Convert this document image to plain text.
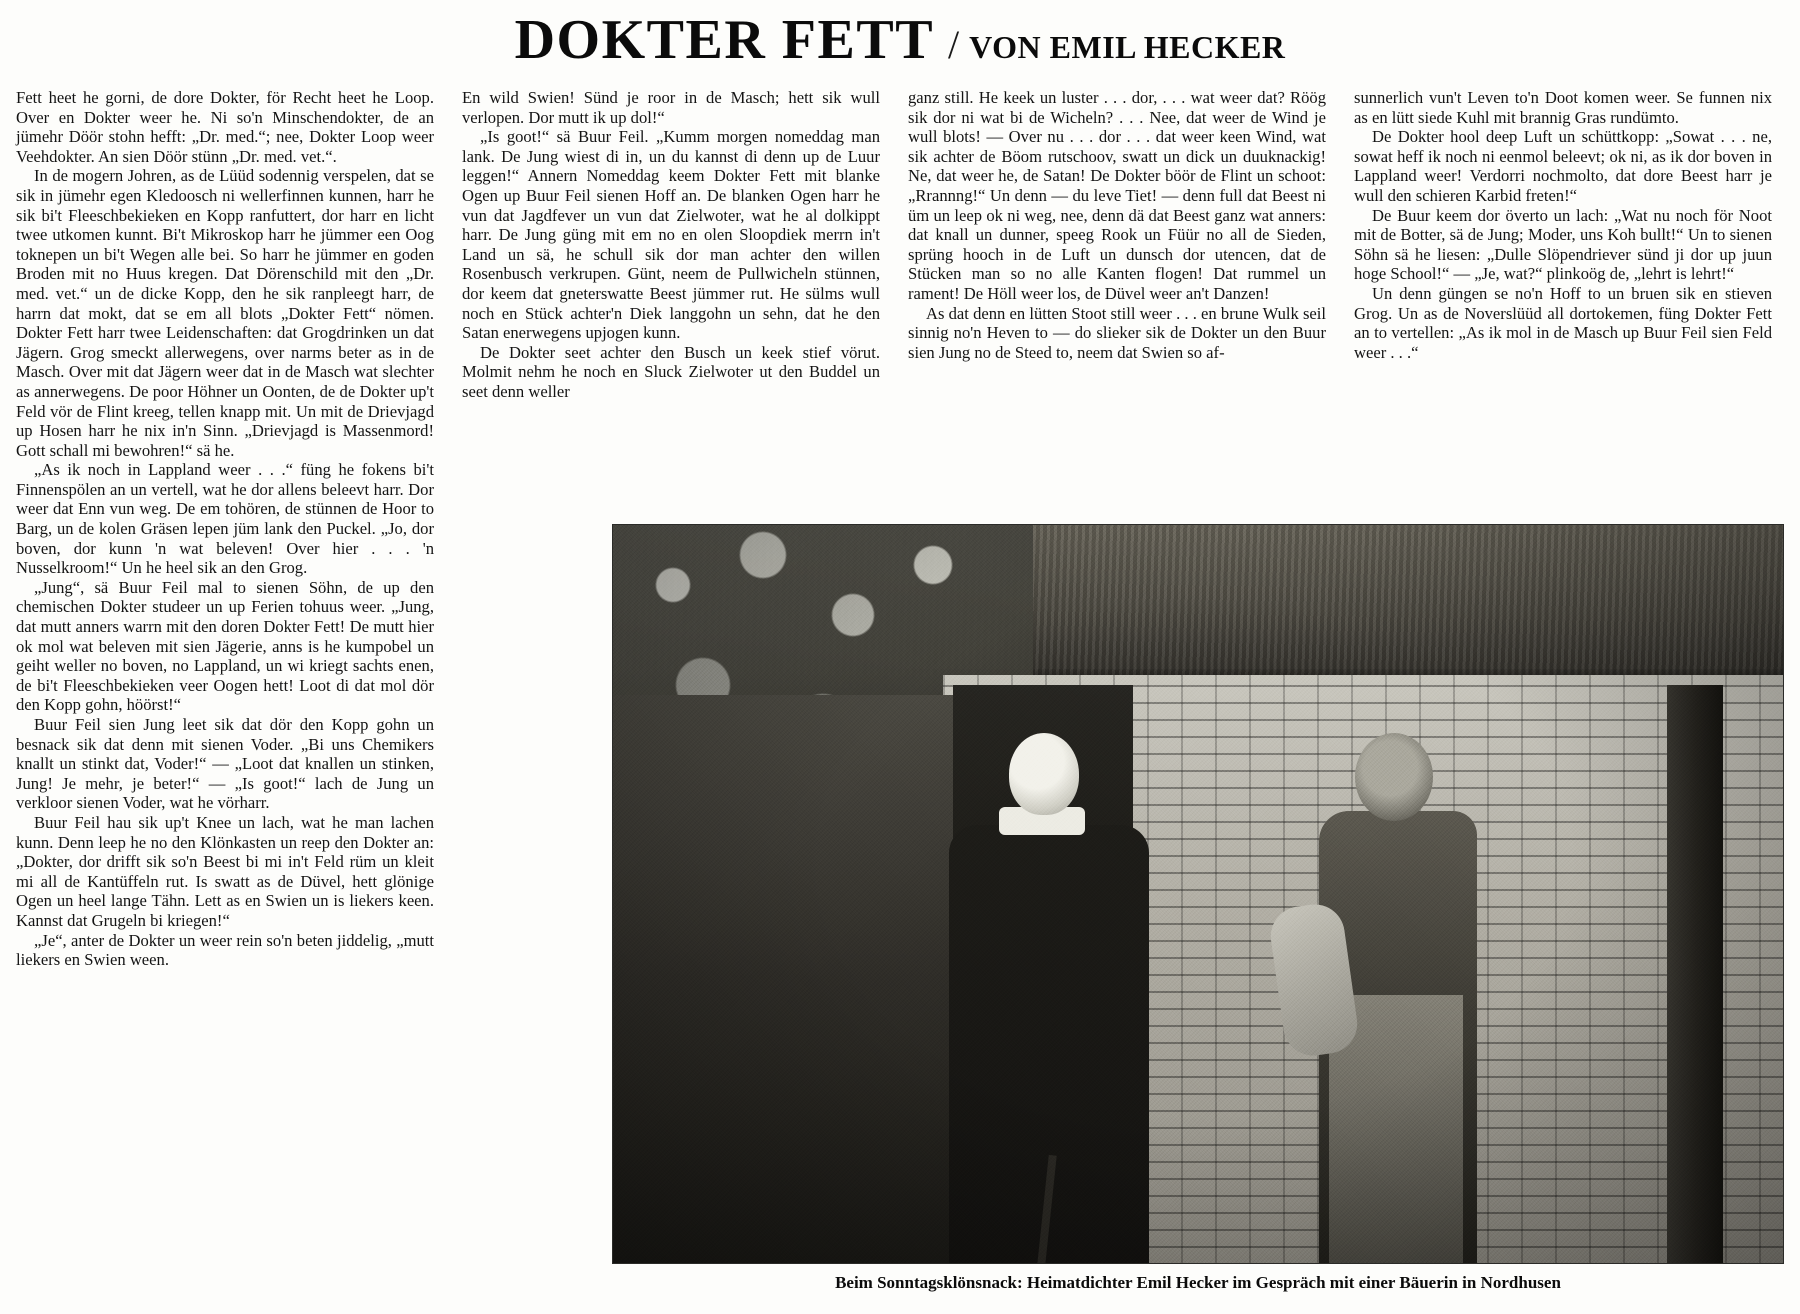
DOKTER FETT / VON EMIL HECKER

Fett heet he gorni, de dore Dokter, för Recht heet he Loop. Over en Dokter weer he. Ni so'n Minschendokter, de an jümehr Döör stohn hefft: „Dr. med.“; nee, Dokter Loop weer Veehdokter. An sien Döör stünn „Dr. med. vet.“.

In de mogern Johren, as de Lüüd sodennig verspelen, dat se sik in jümehr egen Kledoosch ni wellerfinnen kunnen, harr he sik bi't Fleeschbekieken en Kopp ranfuttert, dor harr en licht twee utkomen kunnt. Bi't Mikroskop harr he jümmer een Oog toknepen un bi't Wegen alle bei. So harr he jümmer en goden Broden mit no Huus kregen. Dat Dörenschild mit den „Dr. med. vet.“ un de dicke Kopp, den he sik ranpleegt harr, de harrn dat mokt, dat se em all blots „Dokter Fett“ nömen. Dokter Fett harr twee Leidenschaften: dat Grogdrinken un dat Jägern. Grog smeckt allerwegens, over narms beter as in de Masch. Over mit dat Jägern weer dat in de Masch wat slechter as annerwegens. De poor Höhner un Oonten, de de Dokter up't Feld vör de Flint kreeg, tellen knapp mit. Un mit de Drievjagd up Hosen harr he nix in'n Sinn. „Drievjagd is Massenmord! Gott schall mi bewohren!“ sä he.

„As ik noch in Lappland weer . . .“ füng he fokens bi't Finnenspölen an un vertell, wat he dor allens beleevt harr. Dor weer dat Enn vun weg. De em tohören, de stünnen de Hoor to Barg, un de kolen Gräsen lepen jüm lank den Puckel. „Jo, dor boven, dor kunn 'n wat beleven! Over hier . . . 'n Nusselkroom!“ Un he heel sik an den Grog.

„Jung“, sä Buur Feil mal to sienen Söhn, de up den chemischen Dokter studeer un up Ferien tohuus weer. „Jung, dat mutt anners warrn mit den doren Dokter Fett! De mutt hier ok mol wat beleven mit sien Jägerie, anns is he kumpobel un geiht weller no boven, no Lappland, un wi kriegt sachts enen, de bi't Fleeschbekieken veer Oogen hett! Loot di dat mol dör den Kopp gohn, höörst!“

Buur Feil sien Jung leet sik dat dör den Kopp gohn un besnack sik dat denn mit sienen Voder. „Bi uns Chemikers knallt un stinkt dat, Voder!“ — „Loot dat knallen un stinken, Jung! Je mehr, je beter!“ — „Is goot!“ lach de Jung un verkloor sienen Voder, wat he vörharr.

Buur Feil hau sik up't Knee un lach, wat he man lachen kunn. Denn leep he no den Klönkasten un reep den Dokter an: „Dokter, dor drifft sik so'n Beest bi mi in't Feld rüm un kleit mi all de Kantüffeln rut. Is swatt as de Düvel, hett glönige Ogen un heel lange Tähn. Lett as en Swien un is liekers keen. Kannst dat Grugeln bi kriegen!“

„Je“, anter de Dokter un weer rein so'n beten jiddelig, „mutt liekers en Swien ween.

En wild Swien! Sünd je roor in de Masch; hett sik wull verlopen. Dor mutt ik up dol!“

„Is goot!“ sä Buur Feil. „Kumm morgen nomeddag man lank. De Jung wiest di in, un du kannst di denn up de Luur leggen!“ Annern Nomeddag keem Dokter Fett mit blanke Ogen up Buur Feil sienen Hoff an. De blanken Ogen harr he vun dat Jagdfever un vun dat Zielwoter, wat he al dolkippt harr. De Jung güng mit em no en olen Sloopdiek merrn in't Land un sä, he schull sik dor man achter den willen Rosenbusch verkrupen. Günt, neem de Pullwicheln stünnen, dor keem dat gneterswatte Beest jümmer rut. He sülms wull noch en Stück achter'n Diek langgohn un sehn, dat he den Satan enerwegens upjogen kunn.

De Dokter seet achter den Busch un keek stief vörut. Molmit nehm he noch en Sluck Zielwoter ut den Buddel un seet denn weller

ganz still. He keek un luster . . . dor, . . . wat weer dat? Röög sik dor ni wat bi de Wicheln? . . . Nee, dat weer de Wind je wull blots! — Over nu . . . dor . . . dat weer keen Wind, wat sik achter de Böom rutschoov, swatt un dick un duuknackig! Ne, dat weer he, de Satan! De Dokter böör de Flint un schoot: „Rrannng!“ Un denn — du leve Tiet! — denn full dat Beest ni üm un leep ok ni weg, nee, denn dä dat Beest ganz wat anners: dat knall un dunner, speeg Rook un Füür no all de Sieden, sprüng hooch in de Luft un dunsch dor utencen, dat de Stücken man so no alle Kanten flogen! Dat rummel un rament! De Höll weer los, de Düvel weer an't Danzen!

As dat denn en lütten Stoot still weer . . . en brune Wulk seil sinnig no'n Heven to — do slieker sik de Dokter un den Buur sien Jung no de Steed to, neem dat Swien so af-

sunnerlich vun't Leven to'n Doot komen weer. Se funnen nix as en lütt siede Kuhl mit brannig Gras rundümto.

De Dokter hool deep Luft un schüttkopp: „Sowat . . . ne, sowat heff ik noch ni eenmol beleevt; ok ni, as ik dor boven in Lappland weer! Verdorri nochmolto, dat dore Beest harr je wull den schieren Karbid freten!“

De Buur keem dor överto un lach: „Wat nu noch för Noot mit de Botter, sä de Jung; Moder, uns Koh bullt!“ Un to sienen Söhn sä he liesen: „Dulle Slöpendriever sünd ji dor up juun hoge School!“ — „Je, wat?“ plinkoög de, „lehrt is lehrt!“

Un denn güngen se no'n Hoff to un bruen sik en stieven Grog. Un as de Noverslüüd all dortokemen, füng Dokter Fett an to vertellen: „As ik mol in de Masch up Buur Feil sien Feld weer . . .“

Beim Sonntagsklönsnack: Heimatdichter Emil Hecker im Gespräch mit einer Bäuerin in Nordhusen
